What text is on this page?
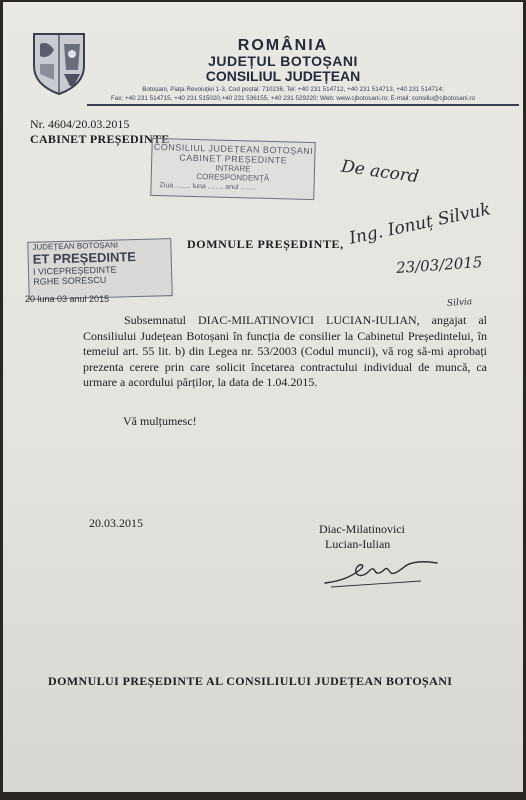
ROMÂNIA
JUDEȚUL BOTOȘANI
CONSILIUL JUDEȚEAN
Botoșani, Piața Revoluției 1-3, Cod poștal: 710236, Tel: +40 231 514712, +40 231 514713, +40 231 514714;
Fax: +40 231 514715, +40 231 515020,+40 231 536155, +40 231 529220; Web: www.cjbotosani.ro; E-mail: consiliu@cjbotosani.ro
Nr. 4604/20.03.2015
CABINET PREȘEDINTE
CONSILIUL JUDEȚEAN BOTOȘANI
CABINET PREȘEDINTE
INTRARE
CORESPONDENȚĂ
Ziua ........ luna ........ anul ........	De acord
Ing. Ionuț Silvuk
23/03/2015
Silvia
DOMNULE PREȘEDINTE,
JUDEȚEAN BOTOȘANI
ET PREȘEDINTE
I VICEPREȘEDINTE
RGHE SORESCU
20 luna 03 anul 2015
Subsemnatul DIAC-MILATINOVICI LUCIAN-IULIAN, angajat al
Consiliului Județean Botoșani în funcția de consilier la Cabinetul Președintelui, în
temeiul art. 55 lit. b) din Legea nr. 53/2003 (Codul muncii), vă rog să-mi aprobați
prezenta cerere prin care solicit încetarea contractului individual de muncă, ca
urmare a acordului părților, la data de 1.04.2015.
Vă mulțumesc!
20.03.2015	Diac-Milatinovici
Lucian-Iulian
DOMNULUI PREȘEDINTE AL CONSILIULUI JUDEȚEAN BOTOȘANI
